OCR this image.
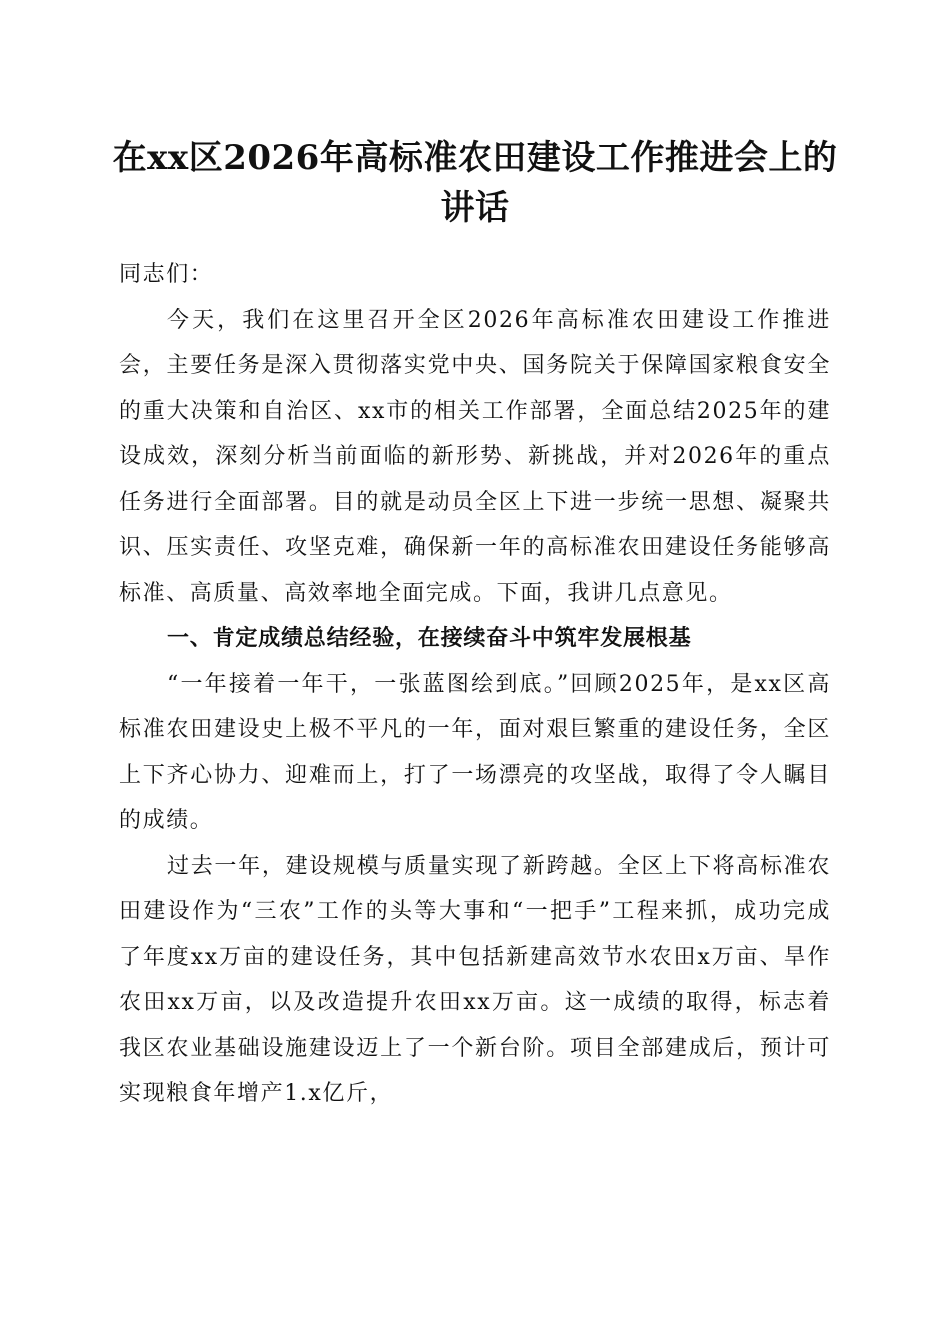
在xx区2026年高标准农田建设工作推进会上的讲话

同志们：

今天，我们在这里召开全区2026年高标准农田建设工作推进会，主要任务是深入贯彻落实党中央、国务院关于保障国家粮食安全的重大决策和自治区、xx市的相关工作部署，全面总结2025年的建设成效，深刻分析当前面临的新形势、新挑战，并对2026年的重点任务进行全面部署。目的就是动员全区上下进一步统一思想、凝聚共识、压实责任、攻坚克难，确保新一年的高标准农田建设任务能够高标准、高质量、高效率地全面完成。下面，我讲几点意见。

一、肯定成绩总结经验，在接续奋斗中筑牢发展根基

“一年接着一年干，一张蓝图绘到底。”回顾2025年，是xx区高标准农田建设史上极不平凡的一年，面对艰巨繁重的建设任务，全区上下齐心协力、迎难而上，打了一场漂亮的攻坚战，取得了令人瞩目的成绩。

过去一年，建设规模与质量实现了新跨越。全区上下将高标准农田建设作为“三农”工作的头等大事和“一把手”工程来抓，成功完成了年度xx万亩的建设任务，其中包括新建高效节水农田x万亩、旱作农田xx万亩，以及改造提升农田xx万亩。这一成绩的取得，标志着我区农业基础设施建设迈上了一个新台阶。项目全部建成后，预计可实现粮食年增产1.x亿斤，
